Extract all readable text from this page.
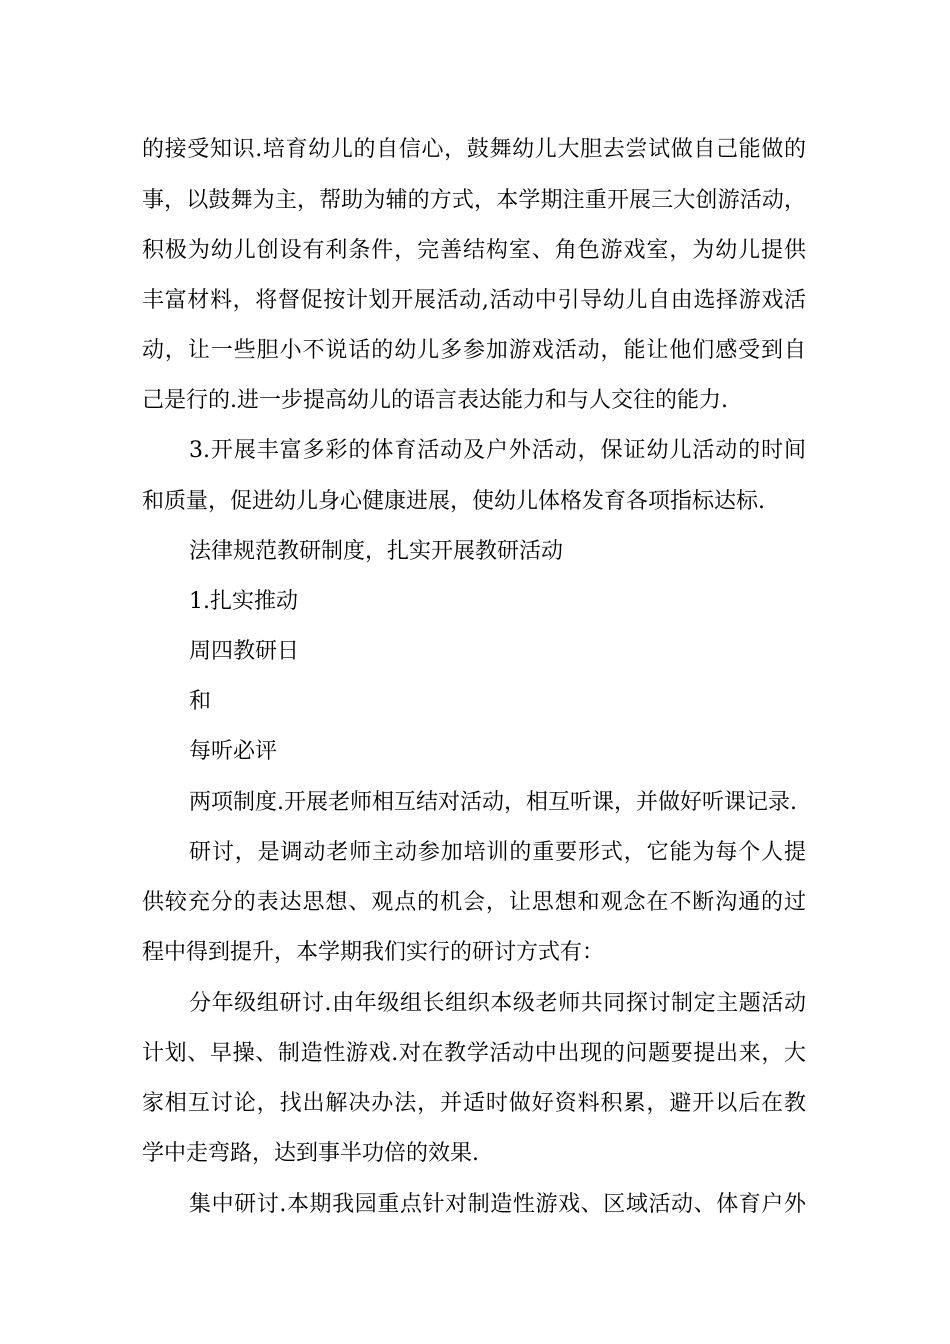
的接受知识.培育幼儿的自信心，鼓舞幼儿大胆去尝试做自己能做的
事，以鼓舞为主，帮助为辅的方式，本学期注重开展三大创游活动，
积极为幼儿创设有利条件，完善结构室、角色游戏室，为幼儿提供
丰富材料，将督促按计划开展活动,活动中引导幼儿自由选择游戏活
动，让一些胆小不说话的幼儿多参加游戏活动，能让他们感受到自
己是行的.进一步提高幼儿的语言表达能力和与人交往的能力.
3.开展丰富多彩的体育活动及户外活动，保证幼儿活动的时间
和质量，促进幼儿身心健康进展，使幼儿体格发育各项指标达标.
法律规范教研制度，扎实开展教研活动
1.扎实推动
周四教研日
和
每听必评
两项制度.开展老师相互结对活动，相互听课，并做好听课记录.
研讨，是调动老师主动参加培训的重要形式，它能为每个人提
供较充分的表达思想、观点的机会，让思想和观念在不断沟通的过
程中得到提升，本学期我们实行的研讨方式有：
分年级组研讨.由年级组长组织本级老师共同探讨制定主题活动
计划、早操、制造性游戏.对在教学活动中出现的问题要提出来，大
家相互讨论，找出解决办法，并适时做好资料积累，避开以后在教
学中走弯路，达到事半功倍的效果.
集中研讨.本期我园重点针对制造性游戏、区域活动、体育户外
